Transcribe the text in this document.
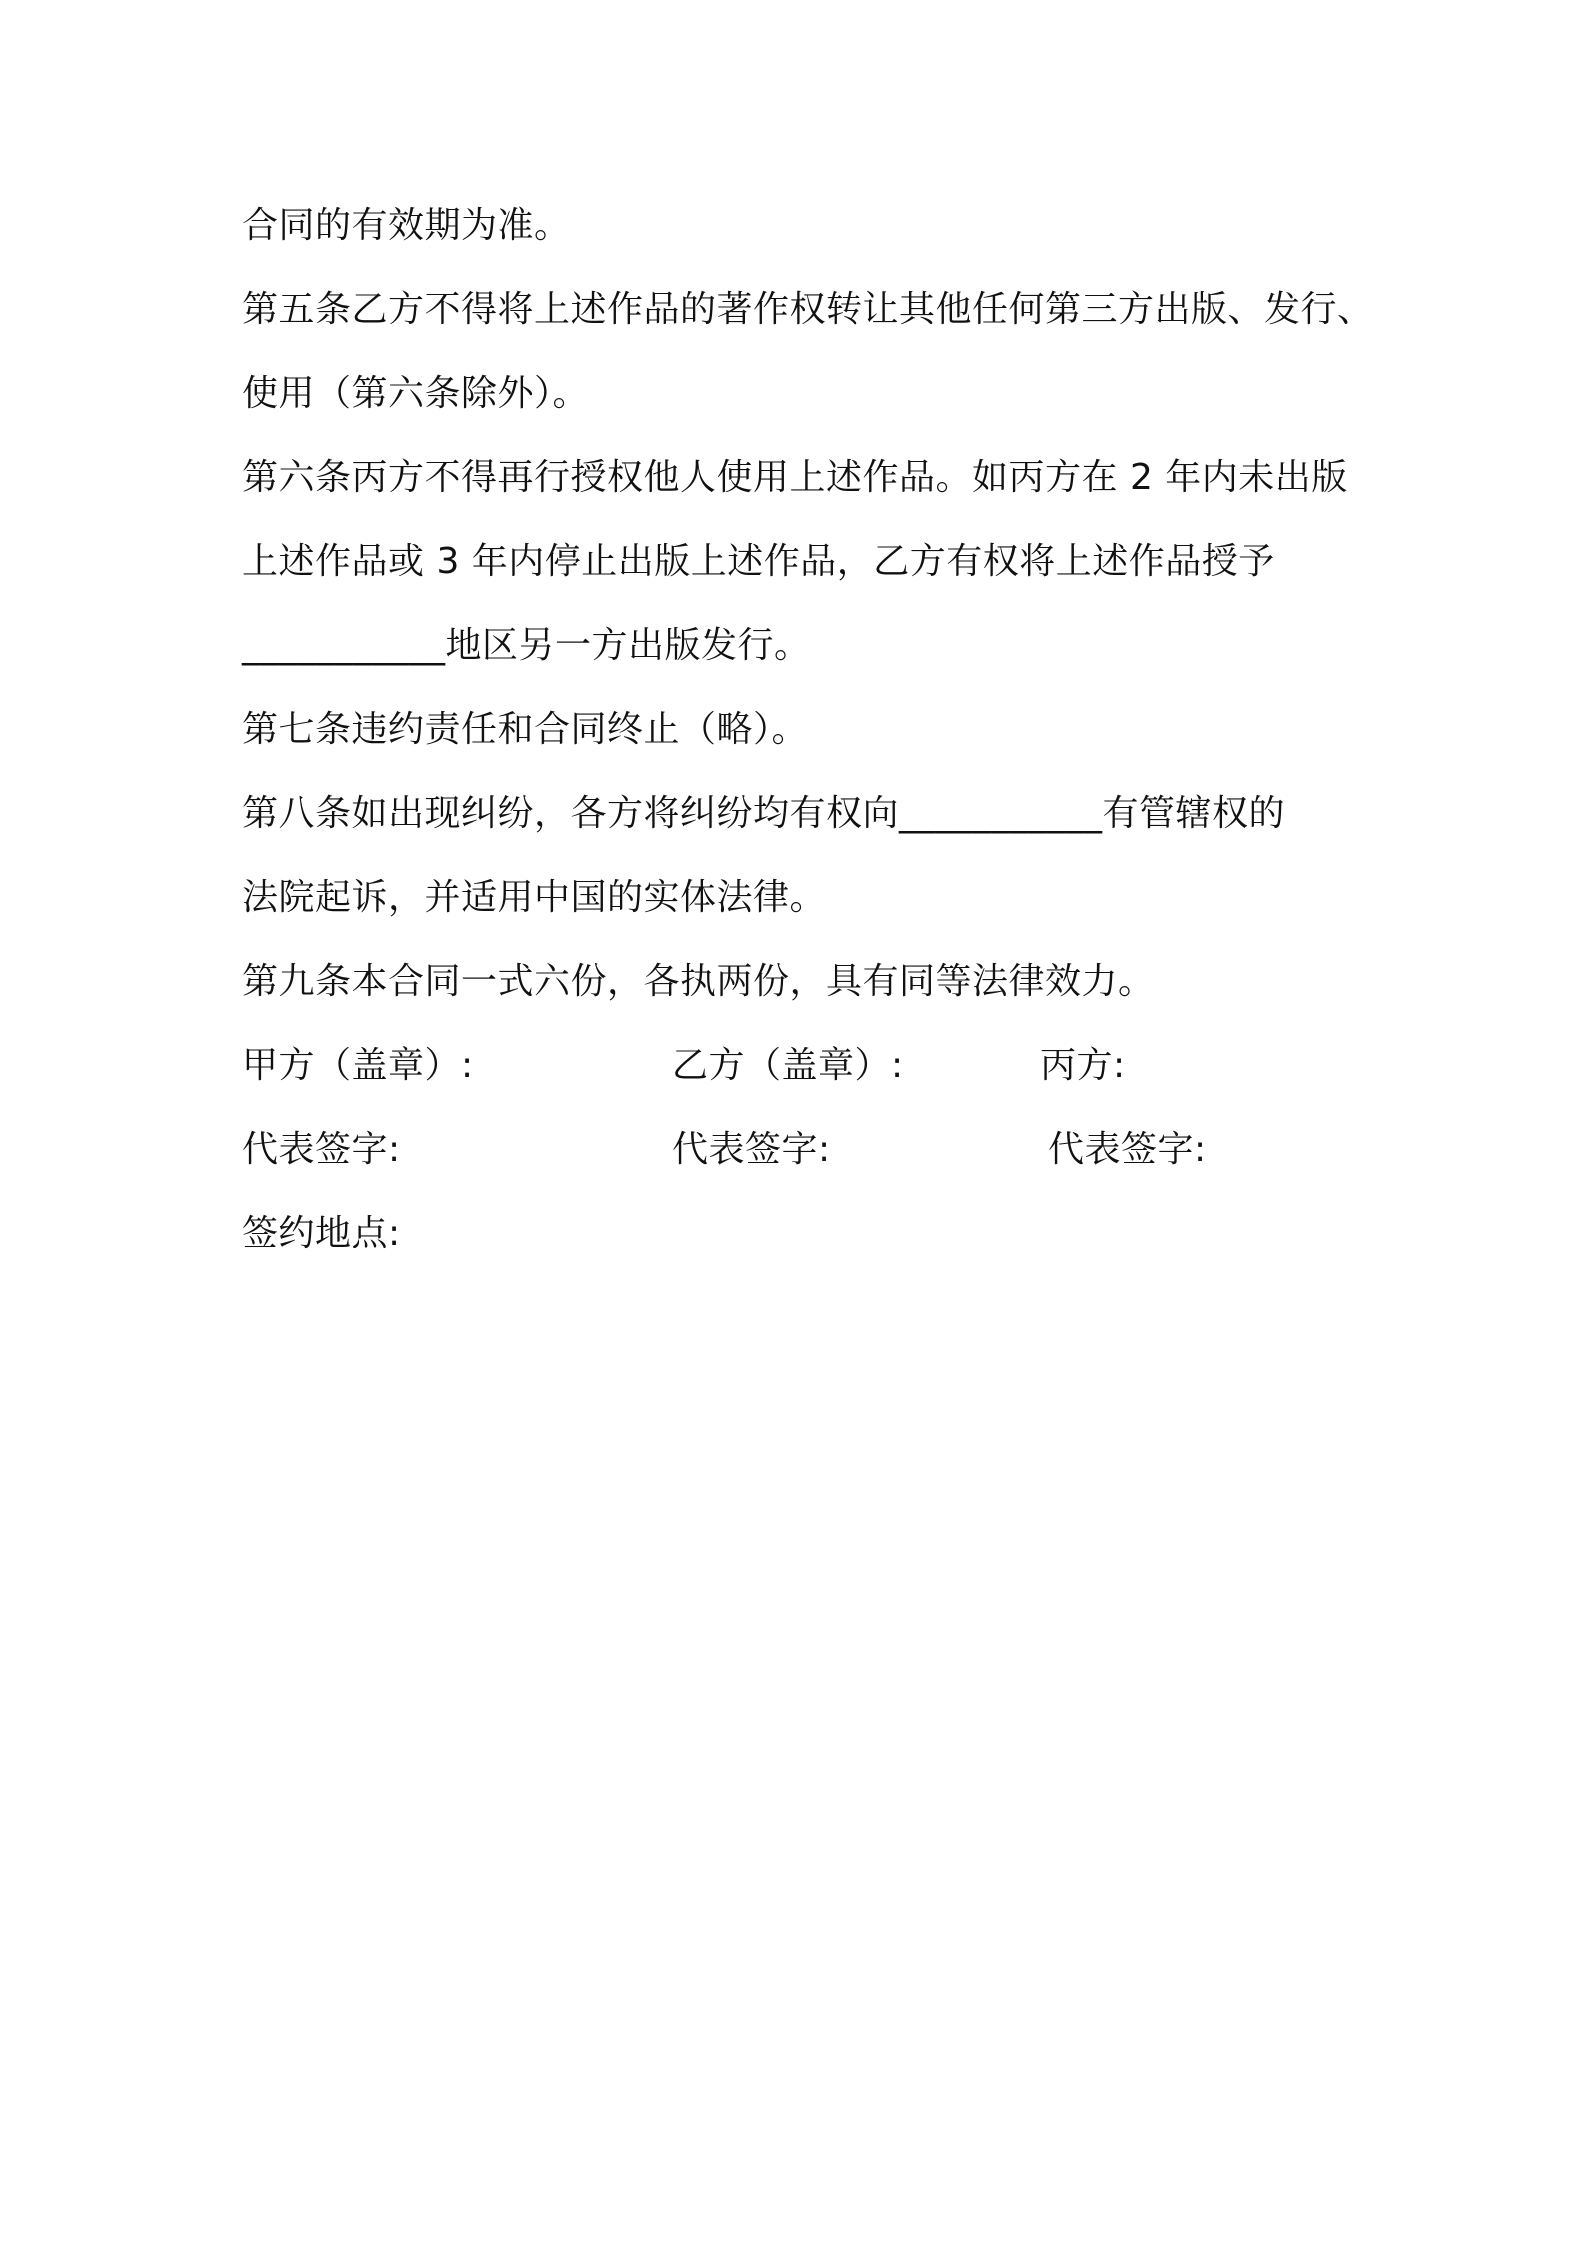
合同的有效期为准。
第五条乙方不得将上述作品的著作权转让其他任何第三方出版、发行、
使用（第六条除外）。
第六条丙方不得再行授权他人使用上述作品。如丙方在 2 年内未出版
上述作品或 3 年内停止出版上述作品，乙方有权将上述作品授予
___________地区另一方出版发行。
第七条违约责任和合同终止（略）。
第八条如出现纠纷，各方将纠纷均有权向___________有管辖权的
法院起诉，并适用中国的实体法律。
第九条本合同一式六份，各执两份，具有同等法律效力。
甲方（盖章）:	乙方（盖章）:	丙方:
代表签字:	代表签字:	代表签字:
签约地点:
